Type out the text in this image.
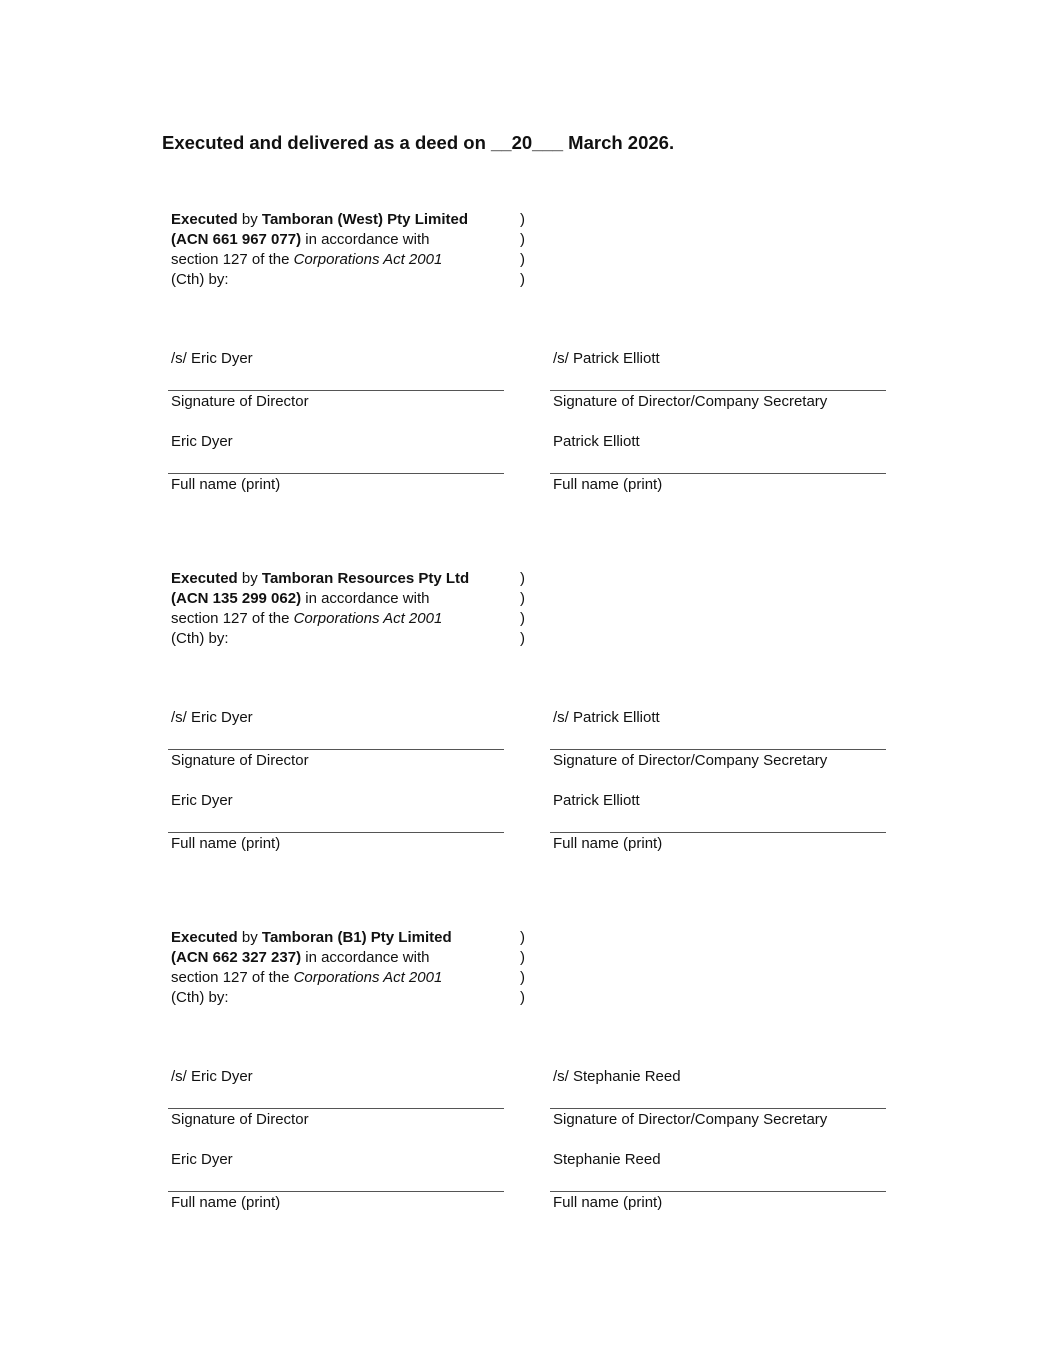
Executed and delivered as a deed on __20___ March 2026.
Executed by Tamboran (West) Pty Limited
(ACN 661 967 077) in accordance with
section 127 of the Corporations Act 2001
(Cth) by:
)
)
)
)
/s/ Eric Dyer
Signature of Director
Eric Dyer
Full name (print)
/s/ Patrick Elliott
Signature of Director/Company Secretary
Patrick Elliott
Full name (print)
Executed by Tamboran Resources Pty Ltd
(ACN 135 299 062) in accordance with
section 127 of the Corporations Act 2001
(Cth) by:
)
)
)
)
/s/ Eric Dyer
Signature of Director
Eric Dyer
Full name (print)
/s/ Patrick Elliott
Signature of Director/Company Secretary
Patrick Elliott
Full name (print)
Executed by Tamboran (B1) Pty Limited
(ACN 662 327 237) in accordance with
section 127 of the Corporations Act 2001
(Cth) by:
)
)
)
)
/s/ Eric Dyer
Signature of Director
Eric Dyer
Full name (print)
/s/ Stephanie Reed
Signature of Director/Company Secretary
Stephanie Reed
Full name (print)
